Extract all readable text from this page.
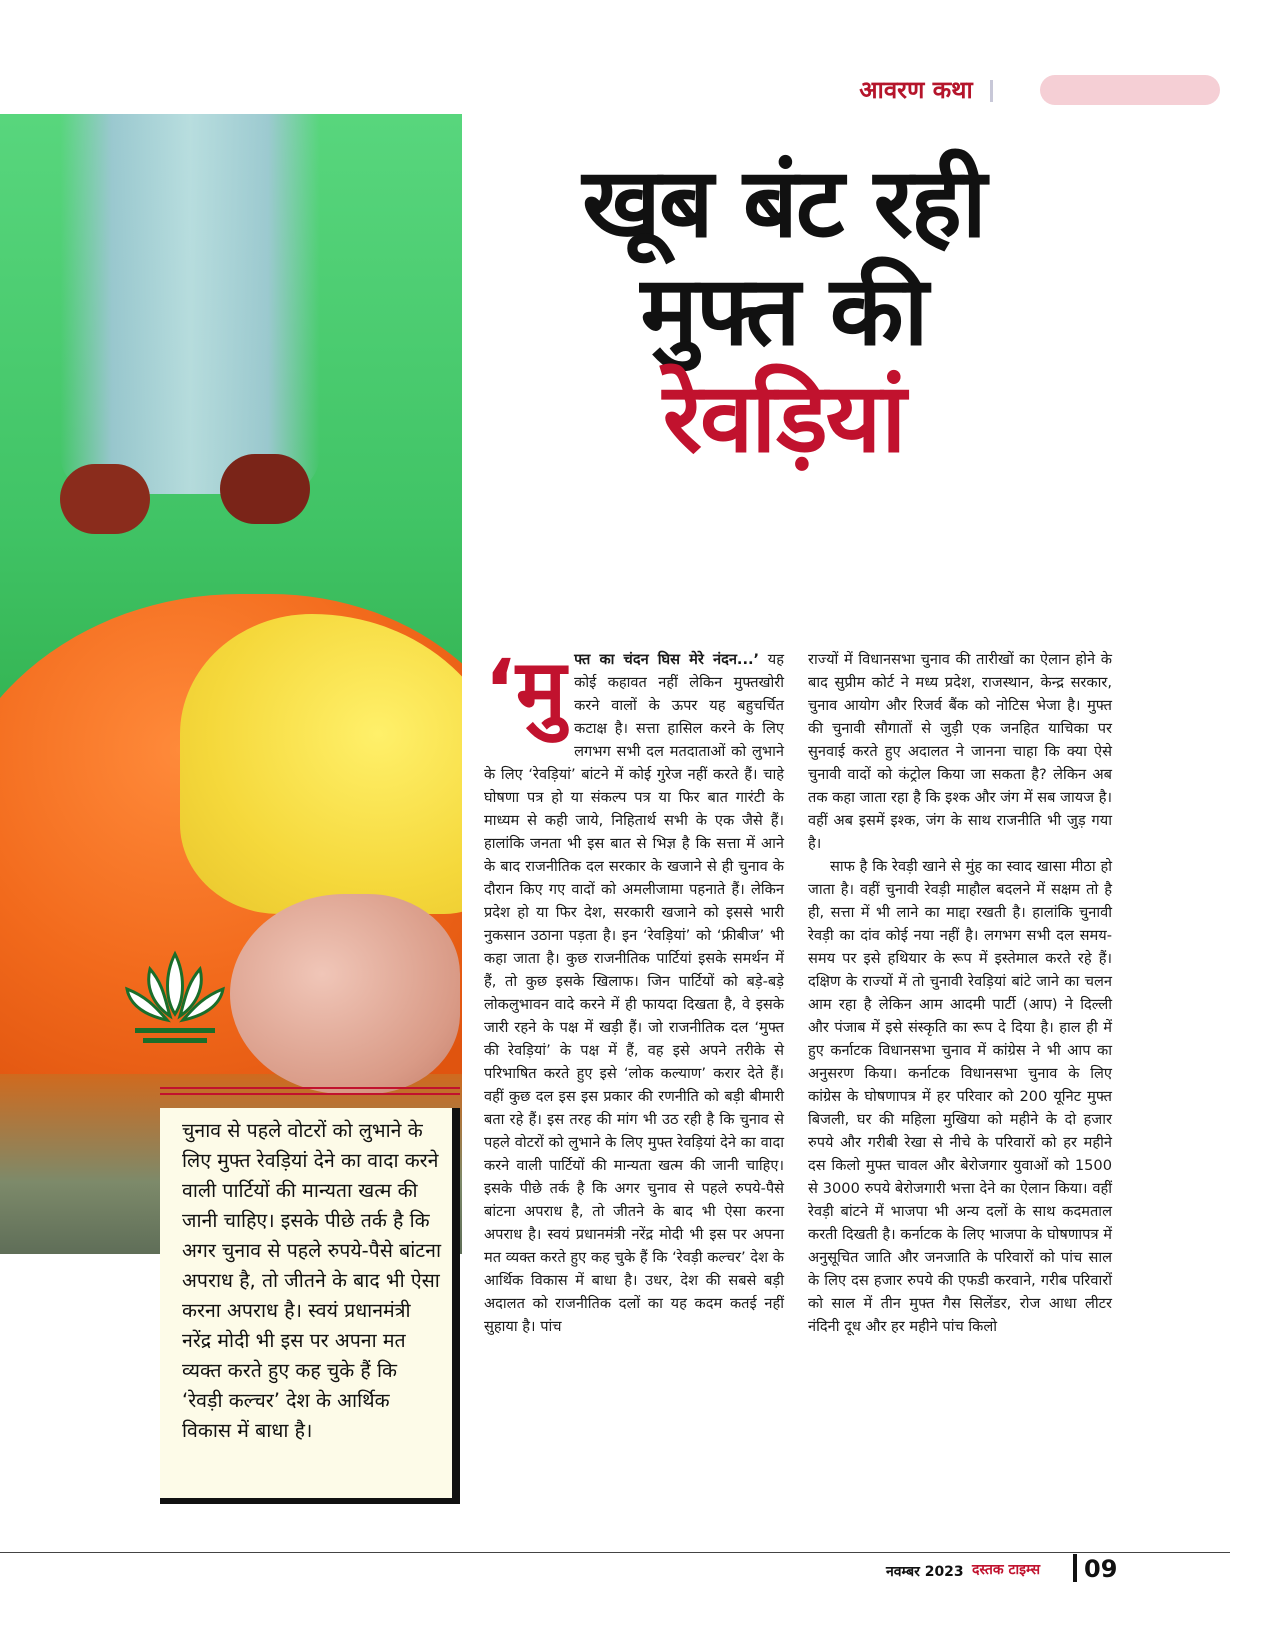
आवरण कथा
खूब बंट रही
मुफ्त की
रेवड़ियां
‘मु फ्त का चंदन घिस मेरे नंदन...’ यह कोई कहावत नहीं लेकिन मुफ्तखोरी करने वालों के ऊपर यह बहुचर्चित कटाक्ष है। सत्ता हासिल करने के लिए लगभग सभी दल मतदाताओं को लुभाने के लिए ‘रेवड़ियां’ बांटने में कोई गुरेज नहीं करते हैं। चाहे घोषणा पत्र हो या संकल्प पत्र या फिर बात गारंटी के माध्यम से कही जाये, निहितार्थ सभी के एक जैसे हैं। हालांकि जनता भी इस बात से भिज्ञ है कि सत्ता में आने के बाद राजनीतिक दल सरकार के खजाने से ही चुनाव के दौरान किए गए वादों को अमलीजामा पहनाते हैं। लेकिन प्रदेश हो या फिर देश, सरकारी खजाने को इससे भारी नुकसान उठाना पड़ता है। इन ‘रेवड़ियां’ को ‘फ्रीबीज’ भी कहा जाता है। कुछ राजनीतिक पार्टियां इसके समर्थन में हैं, तो कुछ इसके खिलाफ। जिन पार्टियों को बड़े-बड़े लोकलुभावन वादे करने में ही फायदा दिखता है, वे इसके जारी रहने के पक्ष में खड़ी हैं। जो राजनीतिक दल ‘मुफ्त की रेवड़ियां’ के पक्ष में हैं, वह इसे अपने तरीके से परिभाषित करते हुए इसे ‘लोक कल्याण’ करार देते हैं। वहीं कुछ दल इस इस प्रकार की रणनीति को बड़ी बीमारी बता रहे हैं। इस तरह की मांग भी उठ रही है कि चुनाव से पहले वोटरों को लुभाने के लिए मुफ्त रेवड़ियां देने का वादा करने वाली पार्टियों की मान्यता खत्म की जानी चाहिए। इसके पीछे तर्क है कि अगर चुनाव से पहले रुपये-पैसे बांटना अपराध है, तो जीतने के बाद भी ऐसा करना अपराध है। स्वयं प्रधानमंत्री नरेंद्र मोदी भी इस पर अपना मत व्यक्त करते हुए कह चुके हैं कि ‘रेवड़ी कल्चर’ देश के आर्थिक विकास में बाधा है। उधर, देश की सबसे बड़ी अदालत को राजनीतिक दलों का यह कदम कतई नहीं सुहाया है। पांच

राज्यों में विधानसभा चुनाव की तारीखों का ऐलान होने के बाद सुप्रीम कोर्ट ने मध्य प्रदेश, राजस्थान, केन्द्र सरकार, चुनाव आयोग और रिजर्व बैंक को नोटिस भेजा है। मुफ्त की चुनावी सौगातों से जुड़ी एक जनहित याचिका पर सुनवाई करते हुए अदालत ने जानना चाहा कि क्या ऐसे चुनावी वादों को कंट्रोल किया जा सकता है? लेकिन अब तक कहा जाता रहा है कि इश्क और जंग में सब जायज है। वहीं अब इसमें इश्क, जंग के साथ राजनीति भी जुड़ गया है।

साफ है कि रेवड़ी खाने से मुंह का स्वाद खासा मीठा हो जाता है। वहीं चुनावी रेवड़ी माहौल बदलने में सक्षम तो है ही, सत्ता में भी लाने का माद्दा रखती है। हालांकि चुनावी रेवड़ी का दांव कोई नया नहीं है। लगभग सभी दल समय-समय पर इसे हथियार के रूप में इस्तेमाल करते रहे हैं। दक्षिण के राज्यों में तो चुनावी रेवड़ियां बांटे जाने का चलन आम रहा है लेकिन आम आदमी पार्टी (आप) ने दिल्ली और पंजाब में इसे संस्कृति का रूप दे दिया है। हाल ही में हुए कर्नाटक विधानसभा चुनाव में कांग्रेस ने भी आप का अनुसरण किया। कर्नाटक विधानसभा चुनाव के लिए कांग्रेस के घोषणापत्र में हर परिवार को 200 यूनिट मुफ्त बिजली, घर की महिला मुखिया को महीने के दो हजार रुपये और गरीबी रेखा से नीचे के परिवारों को हर महीने दस किलो मुफ्त चावल और बेरोजगार युवाओं को 1500 से 3000 रुपये बेरोजगारी भत्ता देने का ऐलान किया। वहीं रेवड़ी बांटने में भाजपा भी अन्य दलों के साथ कदमताल करती दिखती है। कर्नाटक के लिए भाजपा के घोषणापत्र में अनुसूचित जाति और जनजाति के परिवारों को पांच साल के लिए दस हजार रुपये की एफडी करवाने, गरीब परिवारों को साल में तीन मुफ्त गैस सिलेंडर, रोज आधा लीटर नंदिनी दूध और हर महीने पांच किलो

चुनाव से पहले वोटरों को लुभाने के लिए मुफ्त रेवड़ियां देने का वादा करने वाली पार्टियों की मान्यता खत्म की जानी चाहिए। इसके पीछे तर्क है कि अगर चुनाव से पहले रुपये-पैसे बांटना अपराध है, तो जीतने के बाद भी ऐसा करना अपराध है। स्वयं प्रधानमंत्री नरेंद्र मोदी भी इस पर अपना मत व्यक्त करते हुए कह चुके हैं कि ‘रेवड़ी कल्चर’ देश के आर्थिक विकास में बाधा है।
नवम्बर 2023 दस्तक टाइम्स	09
